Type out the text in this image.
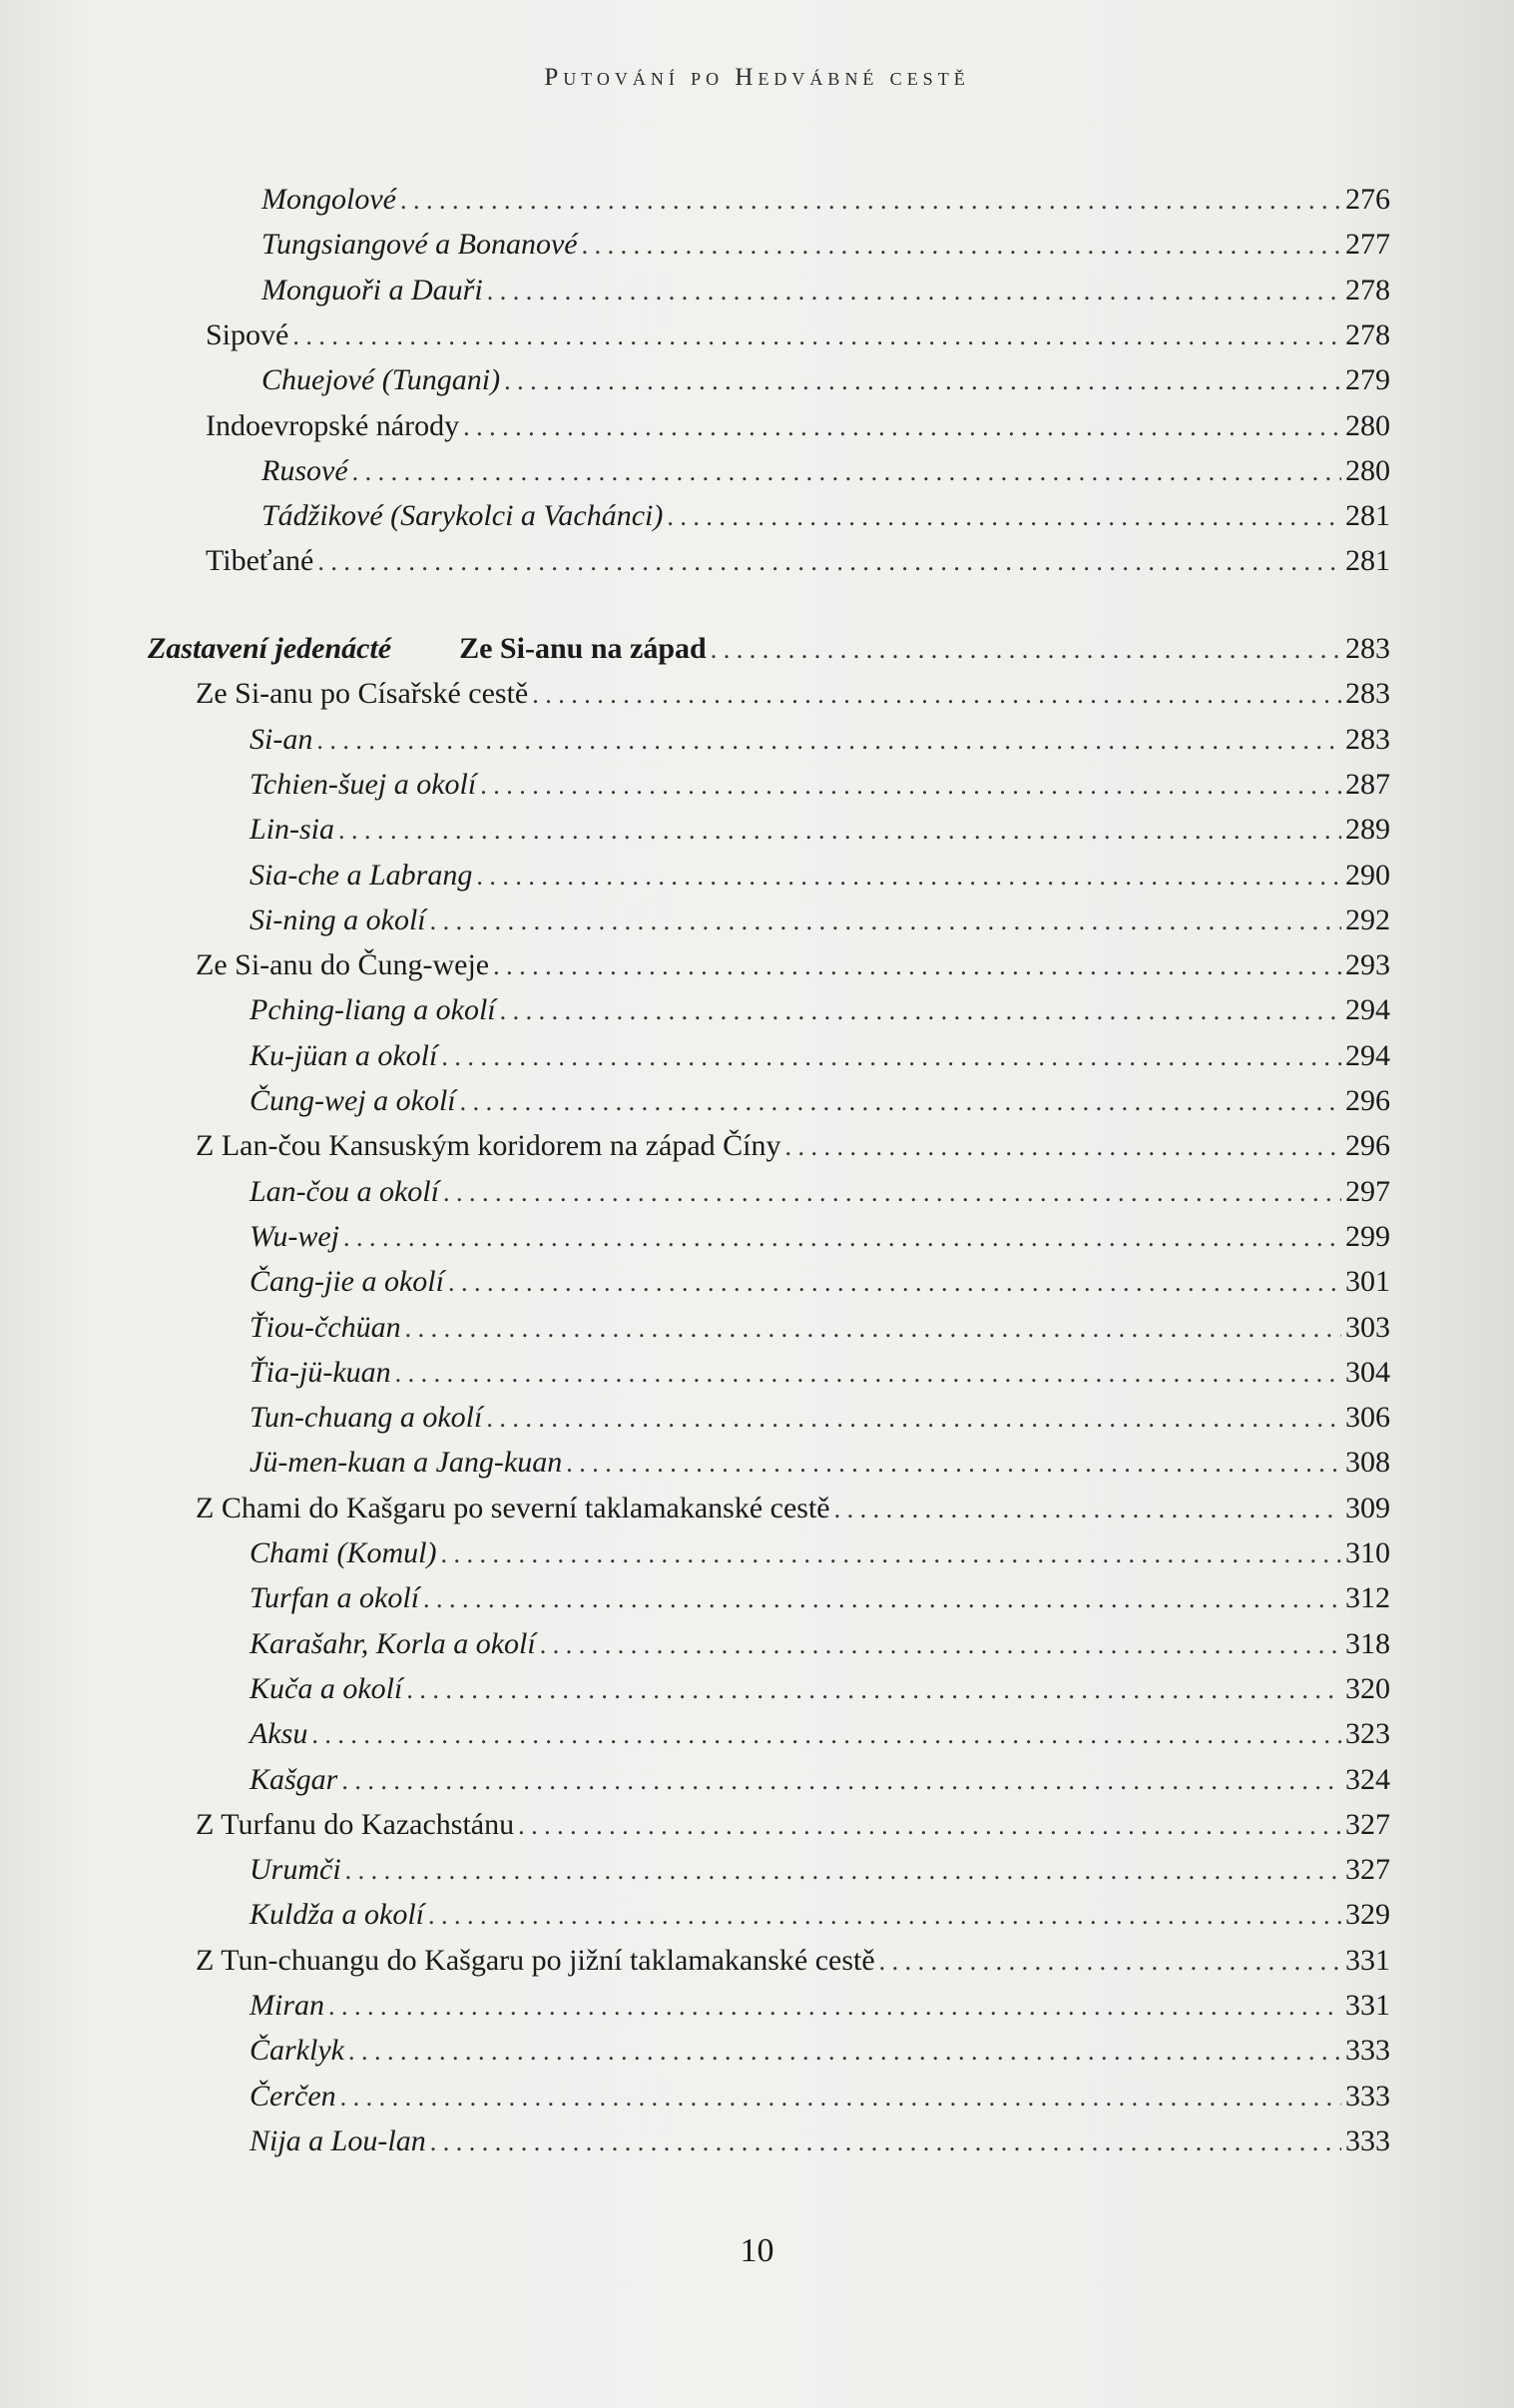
Putování po Hedvábné cestě
Mongolové . . .	276
Tungsiangové a Bonanové . . .	277
Monguoři a Dauři . . .	278
Sipové . . .	278
Chuejové (Tungani) . . .	279
Indoevropské národy . . .	280
Rusové . . .	280
Tádžikové (Sarykolci a Vachánci) . . .	281
Tibeťané . . .	281
Zastavení jedenácté	Ze Si-anu na západ . . .	283
Ze Si-anu po Císařské cestě . . .	283
Si-an . . .	283
Tchien-šuej a okolí . . .	287
Lin-sia . . .	289
Sia-che a Labrang . . .	290
Si-ning a okolí . . .	292
Ze Si-anu do Čung-weje . . .	293
Pching-liang a okolí . . .	294
Ku-jüan a okolí . . .	294
Čung-wej a okolí . . .	296
Z Lan-čou Kansuským koridorem na západ Číny . . .	296
Lan-čou a okolí . . .	297
Wu-wej . . .	299
Čang-jie a okolí . . .	301
Ťiou-čchüan . . .	303
Ťia-jü-kuan . . .	304
Tun-chuang a okolí . . .	306
Jü-men-kuan a Jang-kuan . . .	308
Z Chami do Kašgaru po severní taklamakanské cestě . . .	309
Chami (Komul) . . .	310
Turfan a okolí . . .	312
Karašahr, Korla a okolí . . .	318
Kuča a okolí . . .	320
Aksu . . .	323
Kašgar . . .	324
Z Turfanu do Kazachstánu . . .	327
Urumči . . .	327
Kuldža a okolí . . .	329
Z Tun-chuangu do Kašgaru po jižní taklamakanské cestě . . .	331
Miran . . .	331
Čarklyk . . .	333
Čerčen . . .	333
Nija a Lou-lan . . .	333
10
